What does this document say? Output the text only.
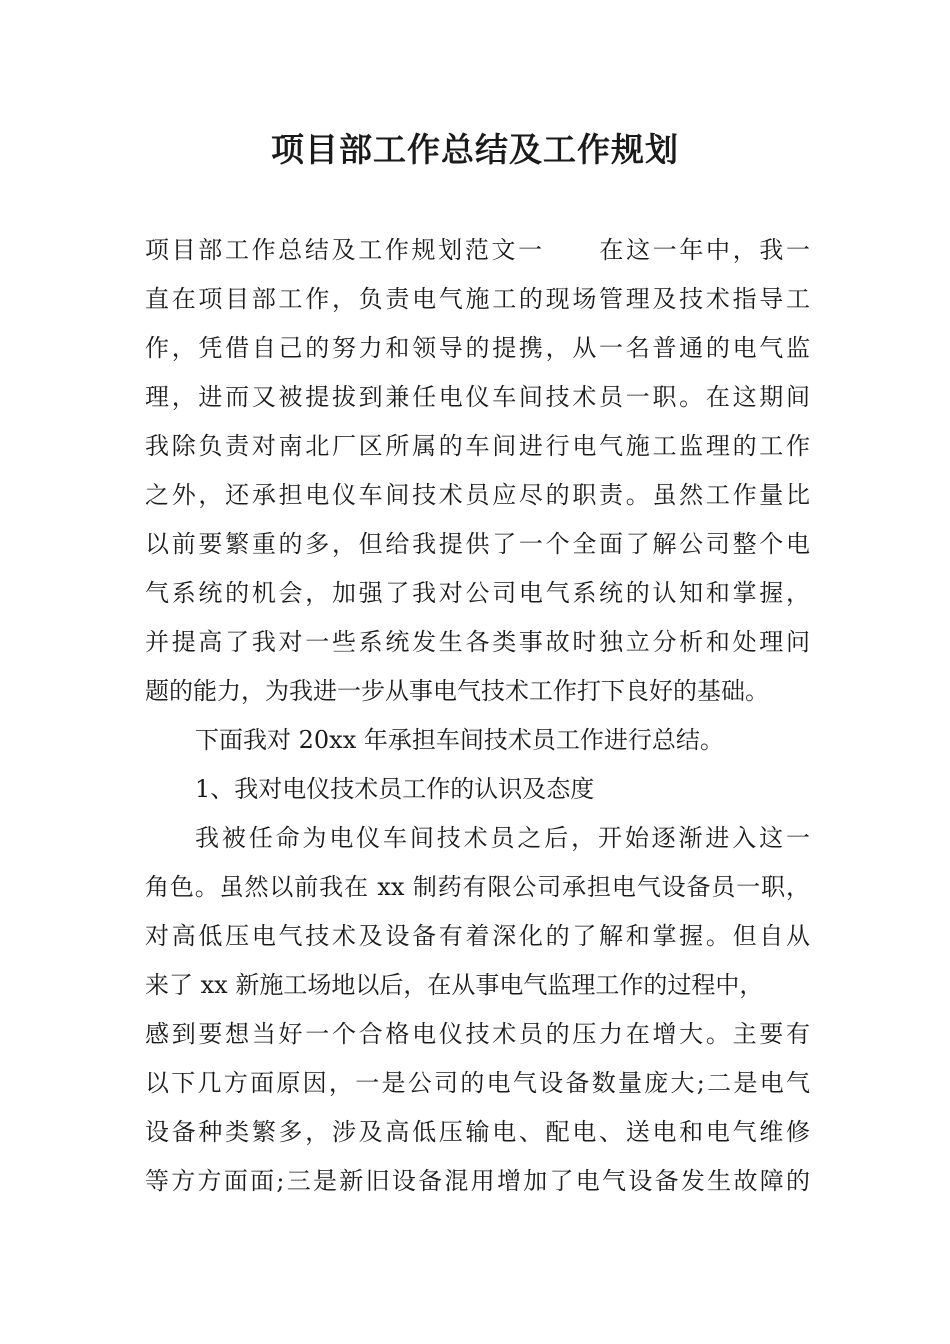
项目部工作总结及工作规划
项目部工作总结及工作规划范文一 在这一年中，我一
直在项目部工作，负责电气施工的现场管理及技术指导工
作，凭借自己的努力和领导的提携，从一名普通的电气监
理，进而又被提拔到兼任电仪车间技术员一职。在这期间
我除负责对南北厂区所属的车间进行电气施工监理的工作
之外，还承担电仪车间技术员应尽的职责。虽然工作量比
以前要繁重的多，但给我提供了一个全面了解公司整个电
气系统的机会，加强了我对公司电气系统的认知和掌握，
并提高了我对一些系统发生各类事故时独立分析和处理问
题的能力，为我进一步从事电气技术工作打下良好的基础。
下面我对 20xx 年承担车间技术员工作进行总结。
1、我对电仪技术员工作的认识及态度
我被任命为电仪车间技术员之后，开始逐渐进入这一
角色。虽然以前我在 xx 制药有限公司承担电气设备员一职，
对高低压电气技术及设备有着深化的了解和掌握。但自从
来了 xx 新施工场地以后，在从事电气监理工作的过程中，
感到要想当好一个合格电仪技术员的压力在增大。主要有
以下几方面原因，一是公司的电气设备数量庞大;二是电气
设备种类繁多，涉及高低压输电、配电、送电和电气维修
等方方面面;三是新旧设备混用增加了电气设备发生故障的
